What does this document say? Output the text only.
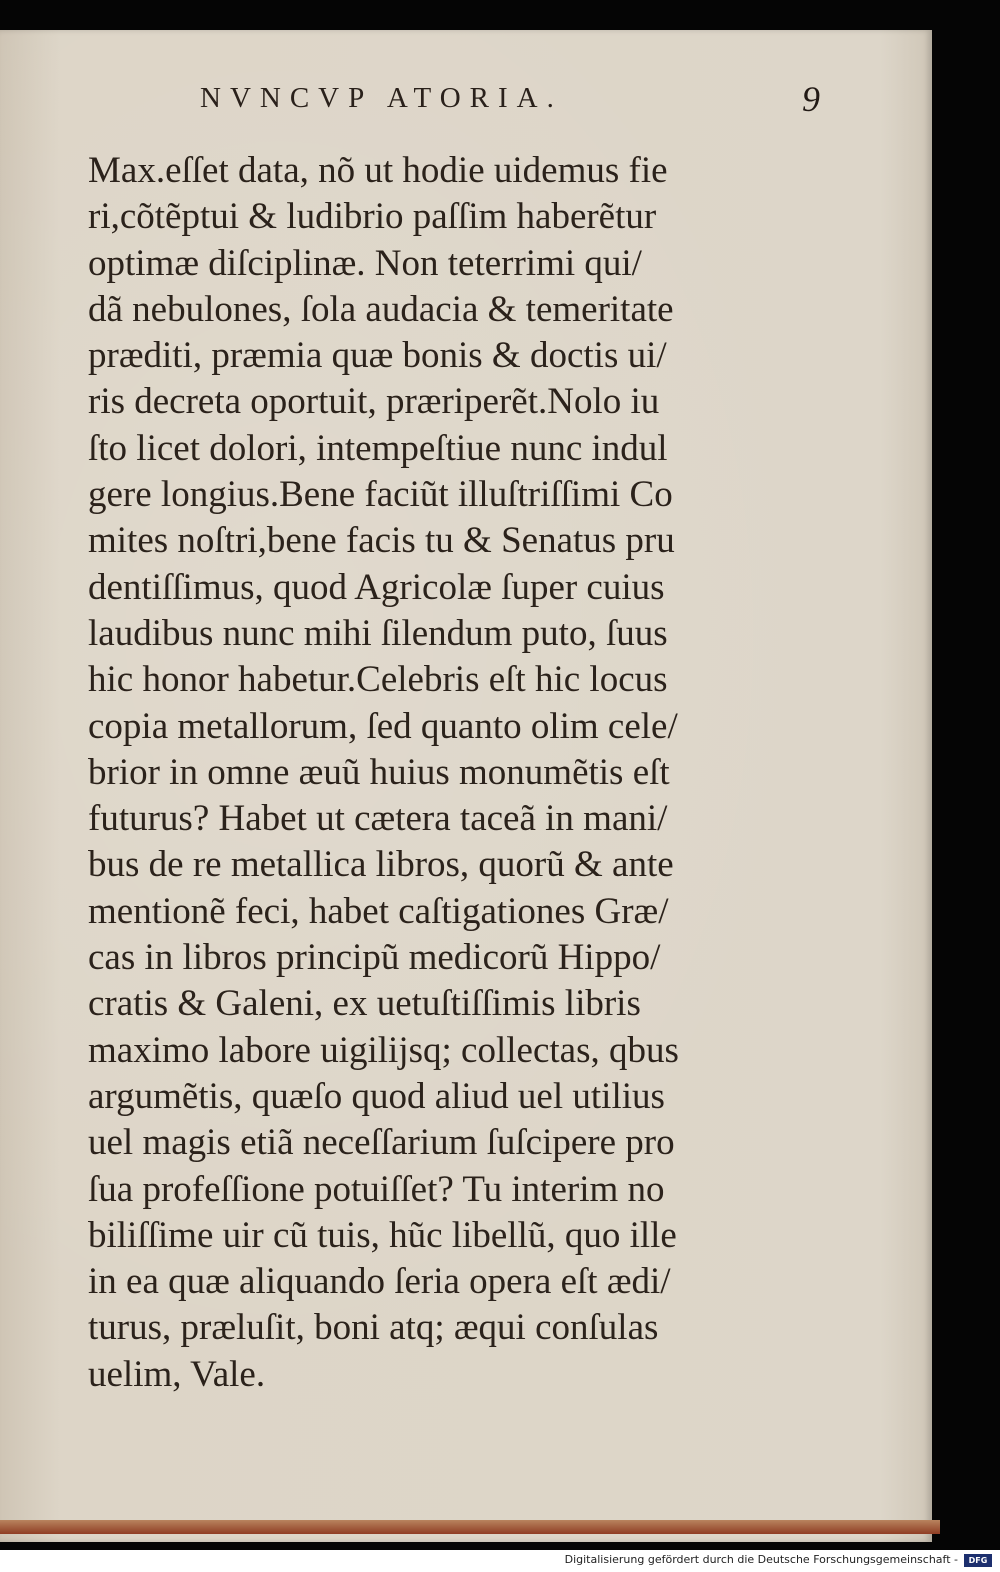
NVNCVP ATORIA.	9
Max.eſſet data, nõ ut hodie uidemus fie
ri,cõtẽptui & ludibrio paſſim haberẽtur
optimæ diſciplinæ. Non teterrimi qui/
dã nebulones, ſola audacia & temeritate
præditi, præmia quæ bonis & doctis ui/
ris decreta oportuit, præriperẽt.Nolo iu
ſto licet dolori, intempeſtiue nunc indul
gere longius.Bene faciũt illuſtriſſimi Co
mites noſtri,bene facis tu & Senatus pru
dentiſſimus, quod Agricolæ ſuper cuius
laudibus nunc mihi ſilendum puto, ſuus
hic honor habetur.Celebris eſt hic locus
copia metallorum, ſed quanto olim cele/
brior in omne æuũ huius monumẽtis eſt
futurus? Habet ut cætera taceã in mani/
bus de re metallica libros, quorũ & ante
mentionẽ feci, habet caſtigationes Græ/
cas in libros principũ medicorũ Hippo/
cratis & Galeni, ex uetuſtiſſimis libris
maximo labore uigilijsq; collectas, qbus
argumẽtis, quæſo quod aliud uel utilius
uel magis etiã neceſſarium ſuſcipere pro
ſua profeſſione potuiſſet? Tu interim no
biliſſime uir cũ tuis, hũc libellũ, quo ille
in ea quæ aliquando ſeria opera eſt ædi/
turus, præluſit, boni atq; æqui conſulas
uelim, Vale.
Digitalisierung gefördert durch die Deutsche Forschungsgemeinschaft -	DFG
